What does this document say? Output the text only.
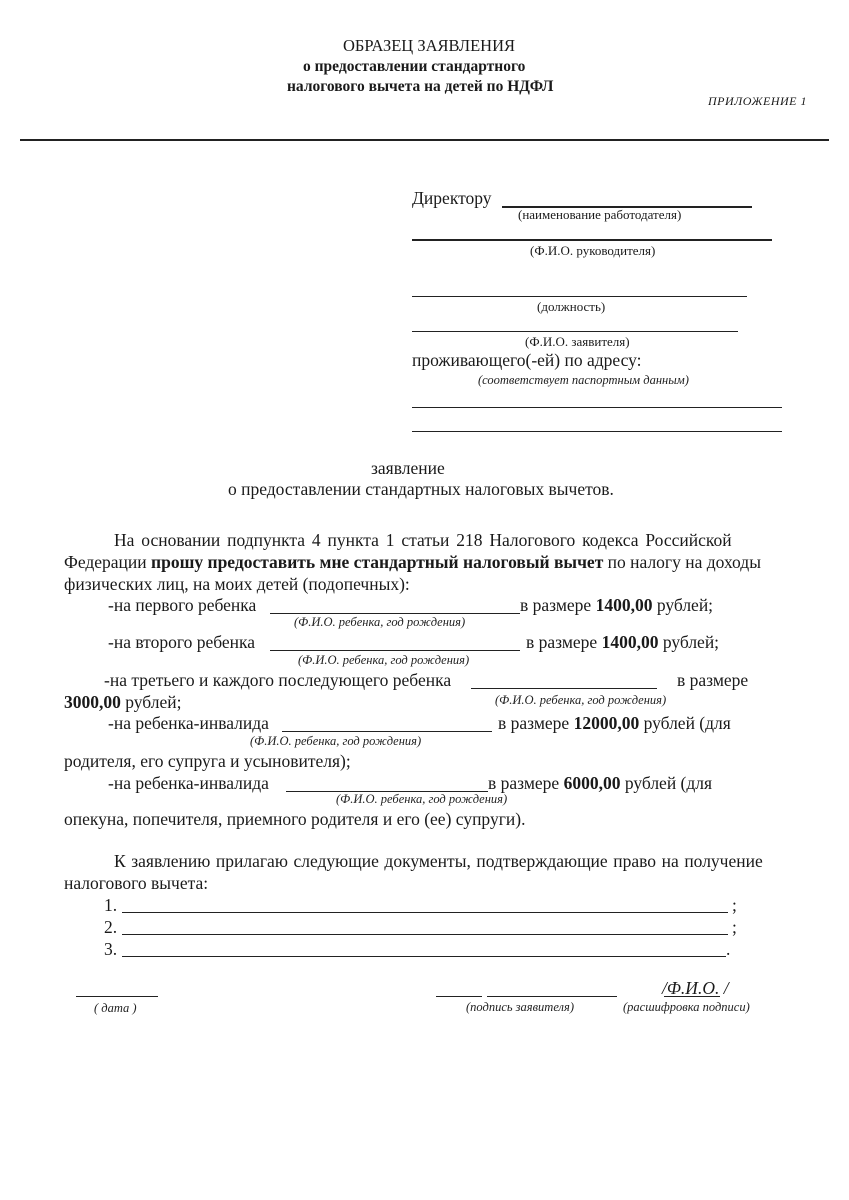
ОБРАЗЕЦ ЗАЯВЛЕНИЯ
о предоставлении стандартного
налогового вычета на детей по НДФЛ
ПРИЛОЖЕНИЕ 1
Директору
(наименование работодателя)
(Ф.И.О. руководителя)
(должность)
(Ф.И.О. заявителя)
проживающего(-ей) по адресу:
(соответствует паспортным данным)
заявление
о предоставлении стандартных налоговых вычетов.
На основании подпункта 4 пункта 1 статьи 218 Налогового кодекса Российской
Федерации прошу предоставить мне стандартный налоговый вычет по налогу на доходы
физических лиц, на моих детей (подопечных):
-на первого ребенка	в размере 1400,00 рублей;
(Ф.И.О. ребенка, год рождения)
-на второго ребенка	в размере 1400,00 рублей;
(Ф.И.О. ребенка, год рождения)
-на третьего и каждого последующего ребенка	в размере
3000,00 рублей;	(Ф.И.О. ребенка, год рождения)
-на ребенка-инвалида	в размере 12000,00 рублей (для
(Ф.И.О. ребенка, год рождения)
родителя, его супруга и усыновителя);
-на ребенка-инвалида	в размере 6000,00 рублей (для
(Ф.И.О. ребенка, год рождения)
опекуна, попечителя, приемного родителя и его (ее) супруги).
К заявлению прилагаю следующие документы, подтверждающие право на получение
налогового вычета:
1.	;
2.	;
3.	.
/Ф.И.О. /
( дата )	(подпись заявителя)	(расшифровка подписи)
